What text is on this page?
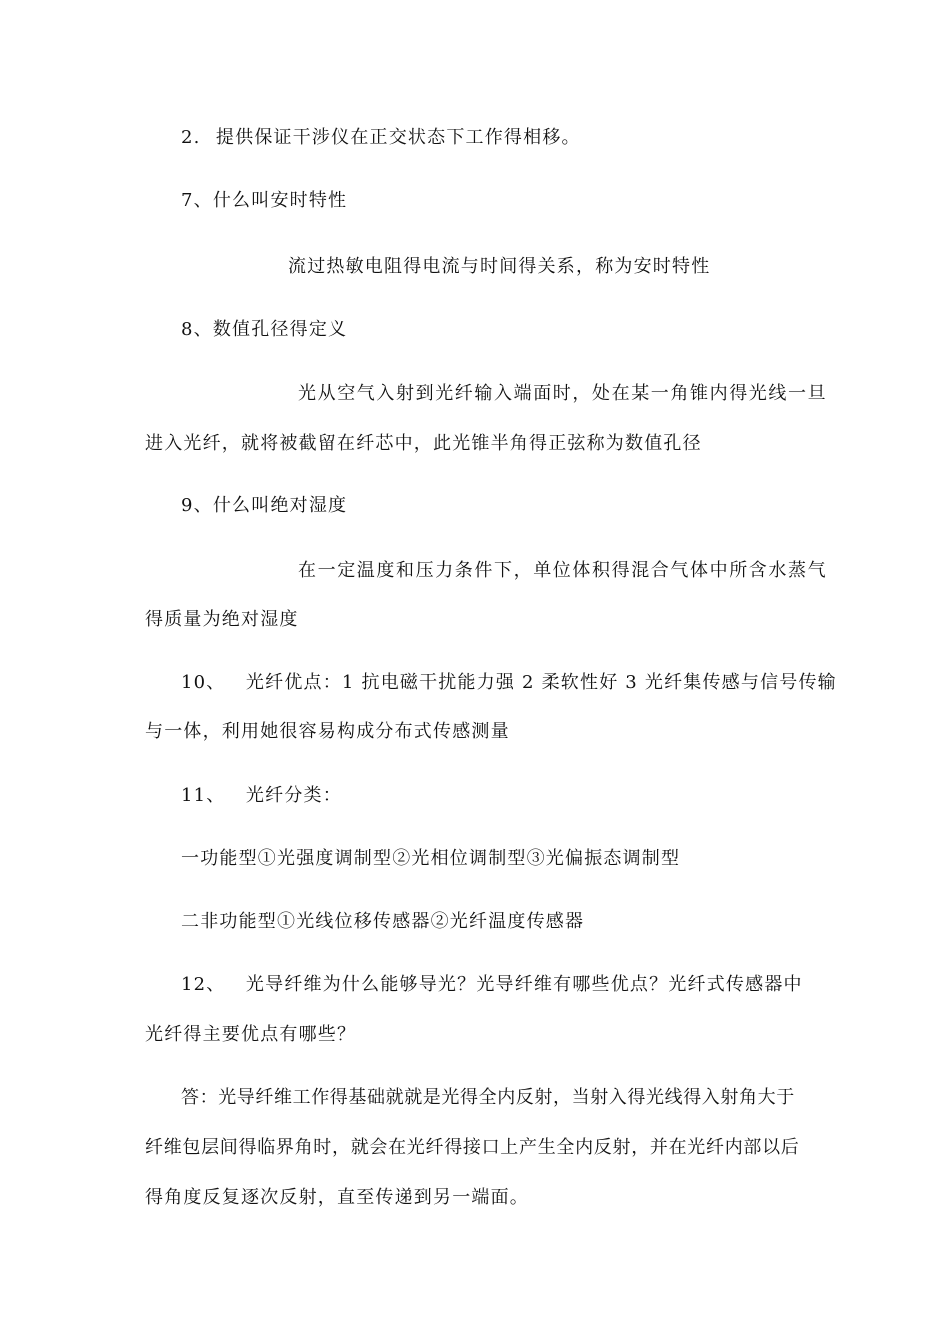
2. 提供保证干涉仪在正交状态下工作得相移。
7、什么叫安时特性
流过热敏电阻得电流与时间得关系，称为安时特性
8、数值孔径得定义
光从空气入射到光纤输入端面时，处在某一角锥内得光线一旦
进入光纤，就将被截留在纤芯中，此光锥半角得正弦称为数值孔径
9、什么叫绝对湿度
在一定温度和压力条件下，单位体积得混合气体中所含水蒸气
得质量为绝对湿度
10、 光纤优点：1 抗电磁干扰能力强 2 柔软性好 3 光纤集传感与信号传输
与一体，利用她很容易构成分布式传感测量
11、 光纤分类：
一功能型①光强度调制型②光相位调制型③光偏振态调制型
二非功能型①光线位移传感器②光纤温度传感器
12、 光导纤维为什么能够导光？光导纤维有哪些优点？光纤式传感器中
光纤得主要优点有哪些？
答：光导纤维工作得基础就就是光得全内反射，当射入得光线得入射角大于
纤维包层间得临界角时，就会在光纤得接口上产生全内反射，并在光纤内部以后
得角度反复逐次反射，直至传递到另一端面。
